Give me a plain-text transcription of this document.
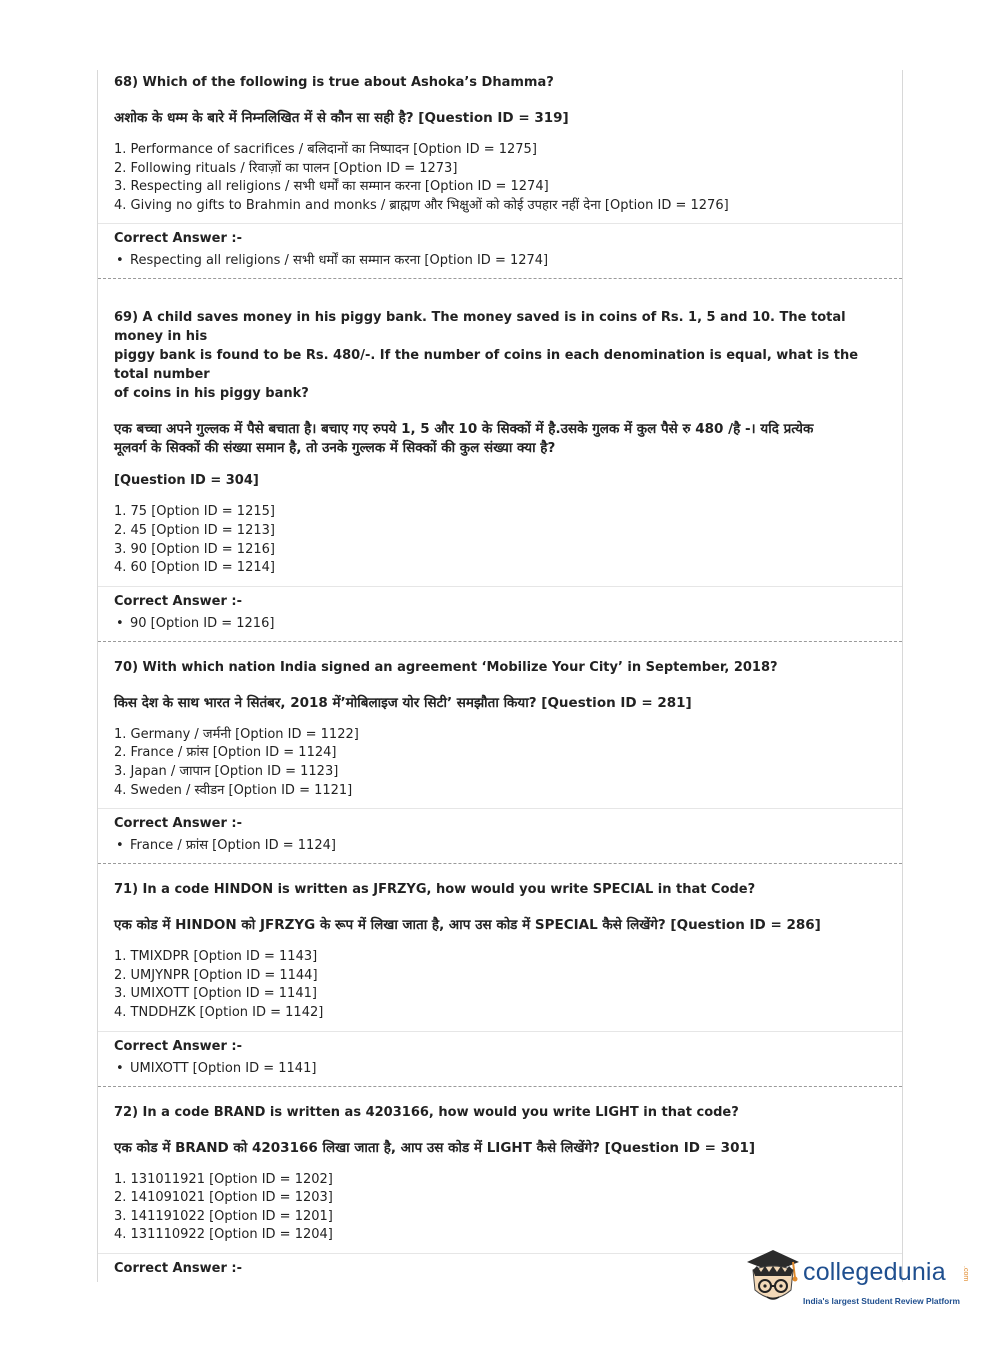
68) Which of the following is true about Ashoka’s Dhamma?

अशोक के धम्म के बारे में निम्नलिखित में से कौन सा सही है? [Question ID = 319]

1. Performance of sacrifices / बलिदानों का निष्पादन [Option ID = 1275]
2. Following rituals / रिवाज़ों का पालन [Option ID = 1273]
3. Respecting all religions / सभी धर्मों का सम्मान करना [Option ID = 1274]
4. Giving no gifts to Brahmin and monks / ब्राह्मण और भिक्षुओं को कोई उपहार नहीं देना [Option ID = 1276]

Correct Answer :-

• Respecting all religions / सभी धर्मों का सम्मान करना [Option ID = 1274]

69) A child saves money in his piggy bank. The money saved is in coins of Rs. 1, 5 and 10. The total money in his

piggy bank is found to be Rs. 480/-. If the number of coins in each denomination is equal, what is the total number

of coins in his piggy bank?

एक बच्चा अपने गुल्लक में पैसे बचाता है। बचाए गए रुपये 1, 5 और 10 के सिक्कों में है.उसके गुलक में कुल पैसे रु 480 /है -। यदि प्रत्येक

मूलवर्ग के सिक्कों की संख्या समान है, तो उनके गुल्लक में सिक्कों की कुल संख्या क्या है?

[Question ID = 304]

1. 75 [Option ID = 1215]
2. 45 [Option ID = 1213]
3. 90 [Option ID = 1216]
4. 60 [Option ID = 1214]

Correct Answer :-

• 90 [Option ID = 1216]

70) With which nation India signed an agreement ‘Mobilize Your City’ in September, 2018?

किस देश के साथ भारत ने सितंबर, 2018 में’मोबिलाइज योर सिटी’ समझौता किया? [Question ID = 281]

1. Germany / जर्मनी [Option ID = 1122]
2. France / फ्रांस [Option ID = 1124]
3. Japan / जापान [Option ID = 1123]
4. Sweden / स्वीडन [Option ID = 1121]

Correct Answer :-

• France / फ्रांस [Option ID = 1124]

71) In a code HINDON is written as JFRZYG, how would you write SPECIAL in that Code?

एक कोड में HINDON को JFRZYG के रूप में लिखा जाता है, आप उस कोड में SPECIAL कैसे लिखेंगे? [Question ID = 286]

1. TMIXDPR [Option ID = 1143]
2. UMJYNPR [Option ID = 1144]
3. UMIXOTT [Option ID = 1141]
4. TNDDHZK [Option ID = 1142]

Correct Answer :-

• UMIXOTT [Option ID = 1141]

72) In a code BRAND is written as 4203166, how would you write LIGHT in that code?

एक कोड में BRAND को 4203166 लिखा जाता है, आप उस कोड में LIGHT कैसे लिखेंगे? [Question ID = 301]

1. 131011921 [Option ID = 1202]
2. 141091021 [Option ID = 1203]
3. 141191022 [Option ID = 1201]
4. 131110922 [Option ID = 1204]

Correct Answer :-	collegedunia .com
India's largest Student Review Platform
